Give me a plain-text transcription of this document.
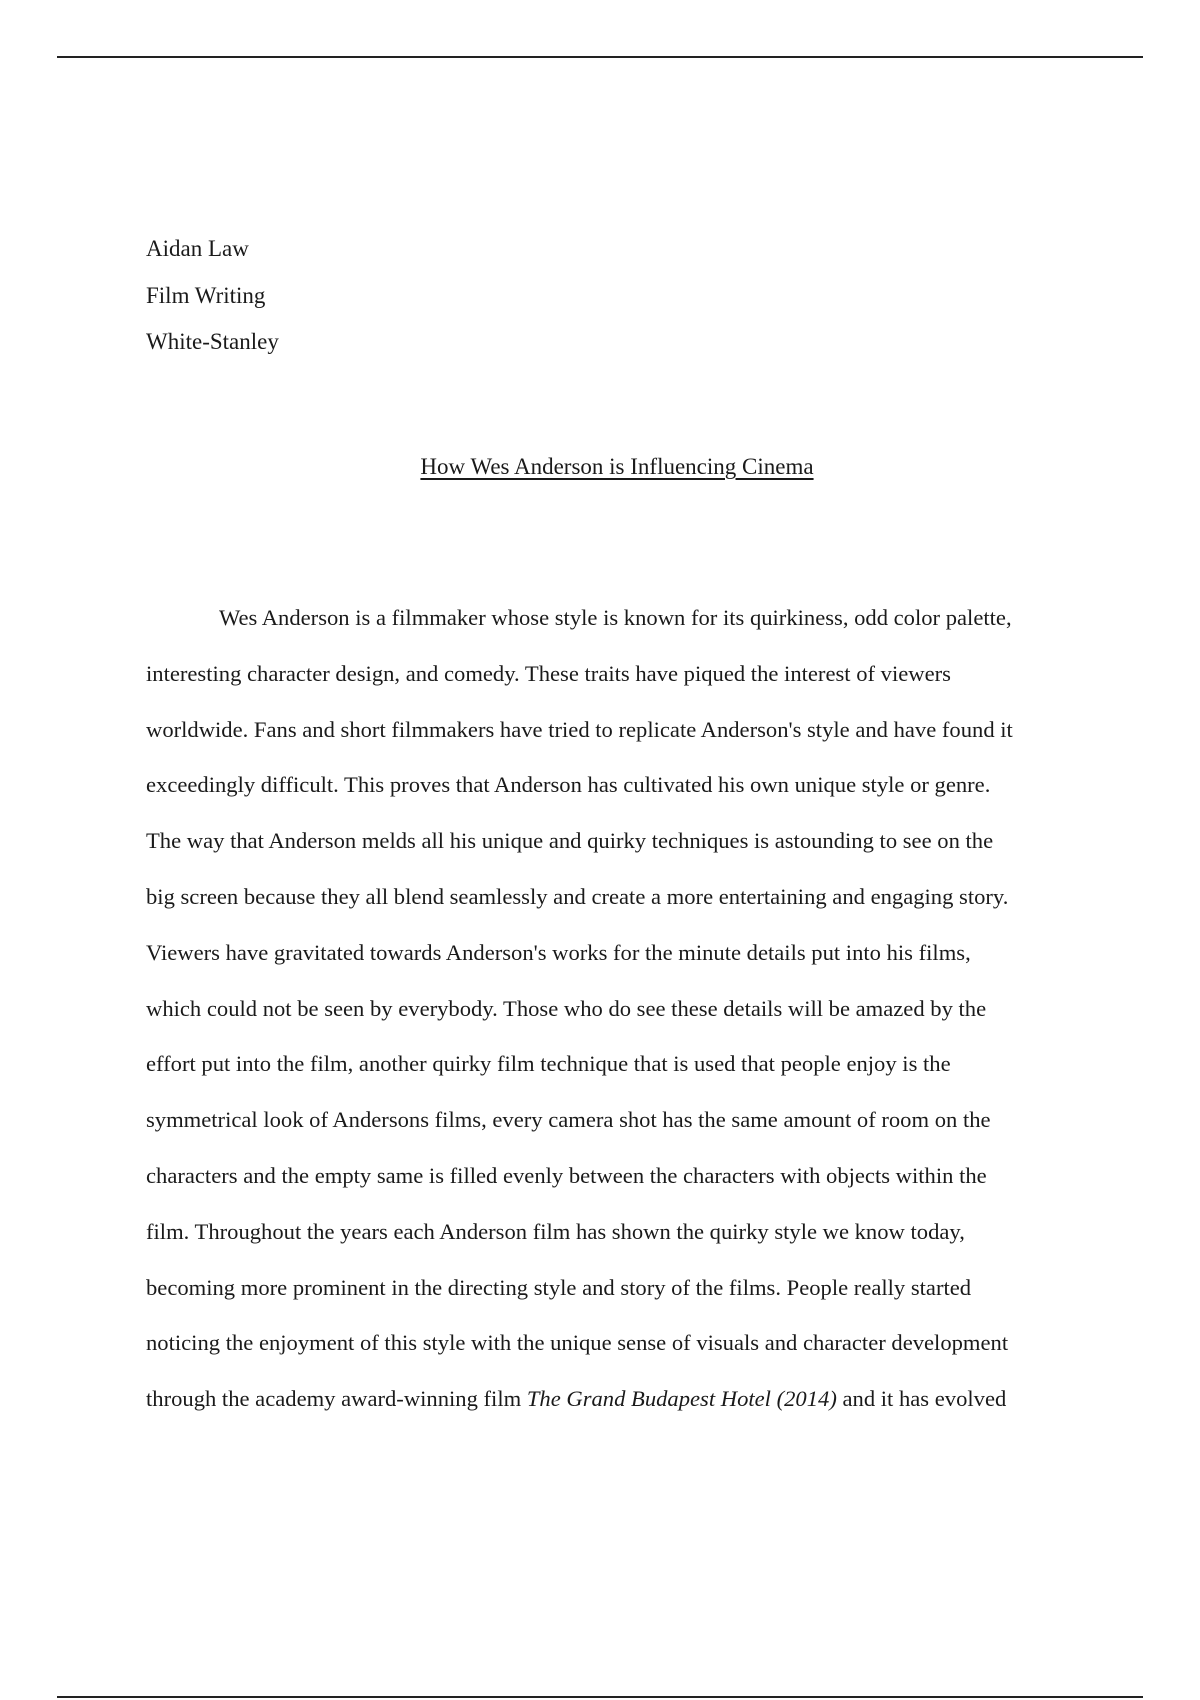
Aidan Law
Film Writing
White-Stanley
How Wes Anderson is Influencing Cinema
Wes Anderson is a filmmaker whose style is known for its quirkiness, odd color palette,
interesting character design, and comedy. These traits have piqued the interest of viewers
worldwide. Fans and short filmmakers have tried to replicate Anderson's style and have found it
exceedingly difficult. This proves that Anderson has cultivated his own unique style or genre.
The way that Anderson melds all his unique and quirky techniques is astounding to see on the
big screen because they all blend seamlessly and create a more entertaining and engaging story.
Viewers have gravitated towards Anderson's works for the minute details put into his films,
which could not be seen by everybody. Those who do see these details will be amazed by the
effort put into the film, another quirky film technique that is used that people enjoy is the
symmetrical look of Andersons films, every camera shot has the same amount of room on the
characters and the empty same is filled evenly between the characters with objects within the
film. Throughout the years each Anderson film has shown the quirky style we know today,
becoming more prominent in the directing style and story of the films. People really started
noticing the enjoyment of this style with the unique sense of visuals and character development
through the academy award-winning film The Grand Budapest Hotel (2014) and it has evolved
